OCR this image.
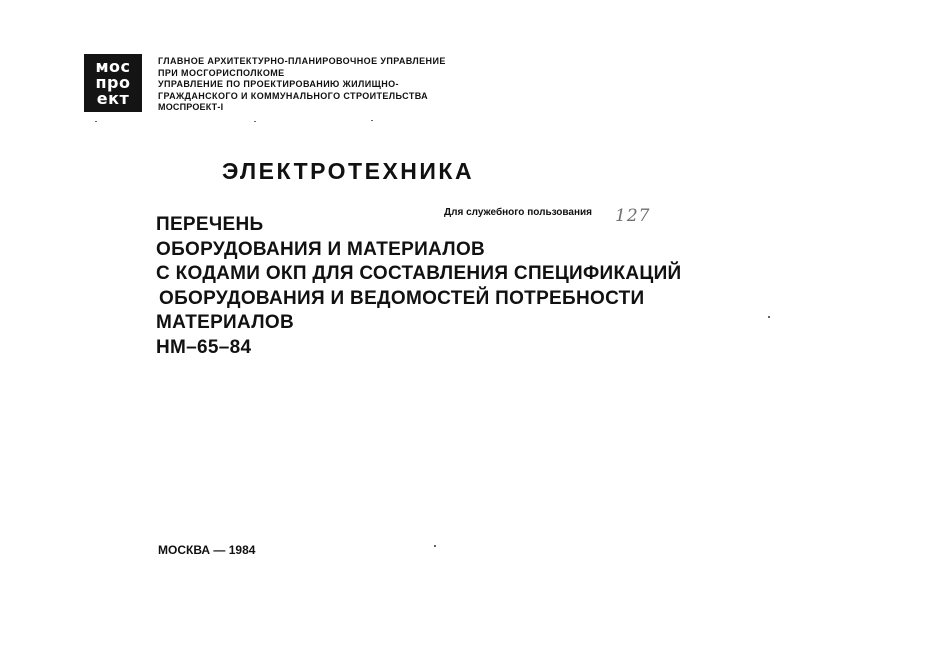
мос
про
ект
ГЛАВНОЕ АРХИТЕКТУРНО-ПЛАНИРОВОЧНОЕ УПРАВЛЕНИЕ
ПРИ МОСГОРИСПОЛКОМЕ
УПРАВЛЕНИЕ ПО ПРОЕКТИРОВАНИЮ ЖИЛИЩНО-
ГРАЖДАНСКОГО И КОММУНАЛЬНОГО СТРОИТЕЛЬСТВА
МОСПРОЕКТ-I
ЭЛЕКТРОТЕХНИКА
Для служебного пользования 127
ПЕРЕЧЕНЬ
ОБОРУДОВАНИЯ И МАТЕРИАЛОВ
С КОДАМИ ОКП ДЛЯ СОСТАВЛЕНИЯ СПЕЦИФИКАЦИЙ
ОБОРУДОВАНИЯ И ВЕДОМОСТЕЙ ПОТРЕБНОСТИ
МАТЕРИАЛОВ
НМ–65–84
МОСКВА — 1984
